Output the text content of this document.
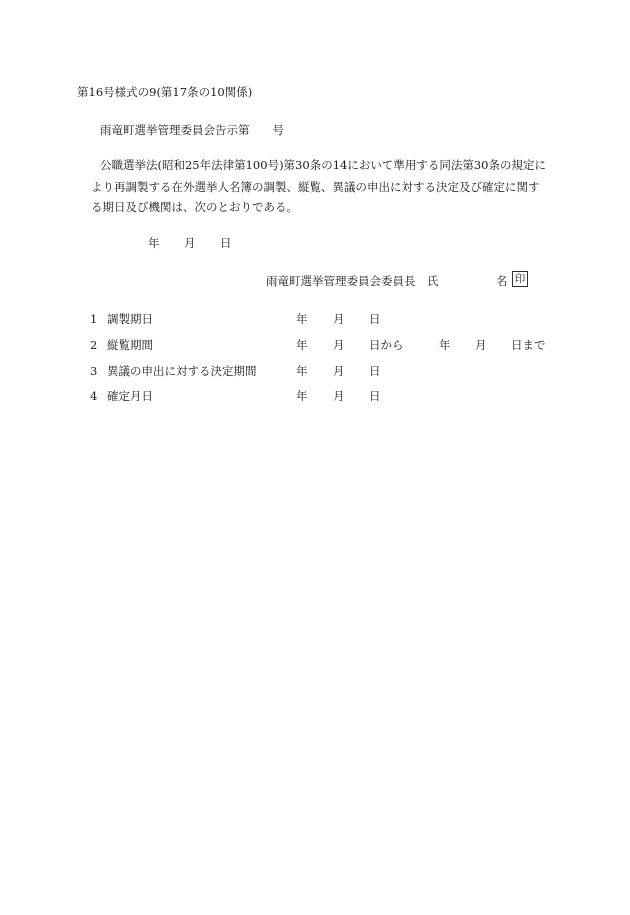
第16号様式の9(第17条の10関係)
雨竜町選挙管理委員会告示第　　号
公職選挙法(昭和25年法律第100号)第30条の14において準用する同法第30条の規定に
より再調製する在外選挙人名簿の調製、縦覧、異議の申出に対する決定及び確定に関す
る期日及び機関は、次のとおりである。
年 月 日
雨竜町選挙管理委員会委員長　氏　　　　　名 印
1 調製期日	年 月 日
2 縦覧期間	年 月 日から	年 月 日まで
3 異議の申出に対する決定期間	年 月 日
4 確定月日	年 月 日
